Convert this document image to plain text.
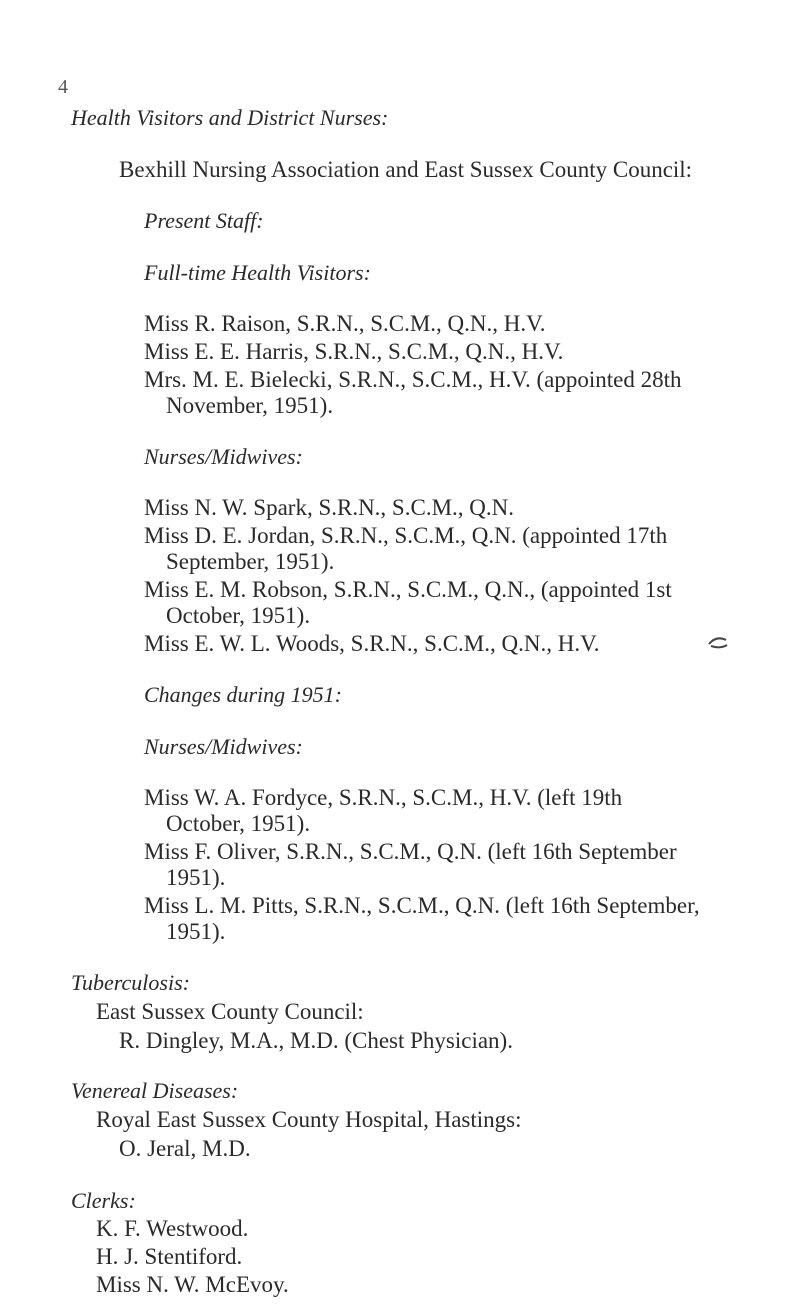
4
Health Visitors and District Nurses:
Bexhill Nursing Association and East Sussex County Council:
Present Staff:
Full-time Health Visitors:
Miss R. Raison, S.R.N., S.C.M., Q.N., H.V.
Miss E. E. Harris, S.R.N., S.C.M., Q.N., H.V.
Mrs. M. E. Bielecki, S.R.N., S.C.M., H.V. (appointed 28th
November, 1951).
Nurses/Midwives:
Miss N. W. Spark, S.R.N., S.C.M., Q.N.
Miss D. E. Jordan, S.R.N., S.C.M., Q.N. (appointed 17th
September, 1951).
Miss E. M. Robson, S.R.N., S.C.M., Q.N., (appointed 1st
October, 1951).
Miss E. W. L. Woods, S.R.N., S.C.M., Q.N., H.V.
Changes during 1951:
Nurses/Midwives:
Miss W. A. Fordyce, S.R.N., S.C.M., H.V. (left 19th
October, 1951).
Miss F. Oliver, S.R.N., S.C.M., Q.N. (left 16th September
1951).
Miss L. M. Pitts, S.R.N., S.C.M., Q.N. (left 16th September,
1951).
Tuberculosis:
East Sussex County Council:
R. Dingley, M.A., M.D. (Chest Physician).
Venereal Diseases:
Royal East Sussex County Hospital, Hastings:
O. Jeral, M.D.
Clerks:
K. F. Westwood.
H. J. Stentiford.
Miss N. W. McEvoy.
